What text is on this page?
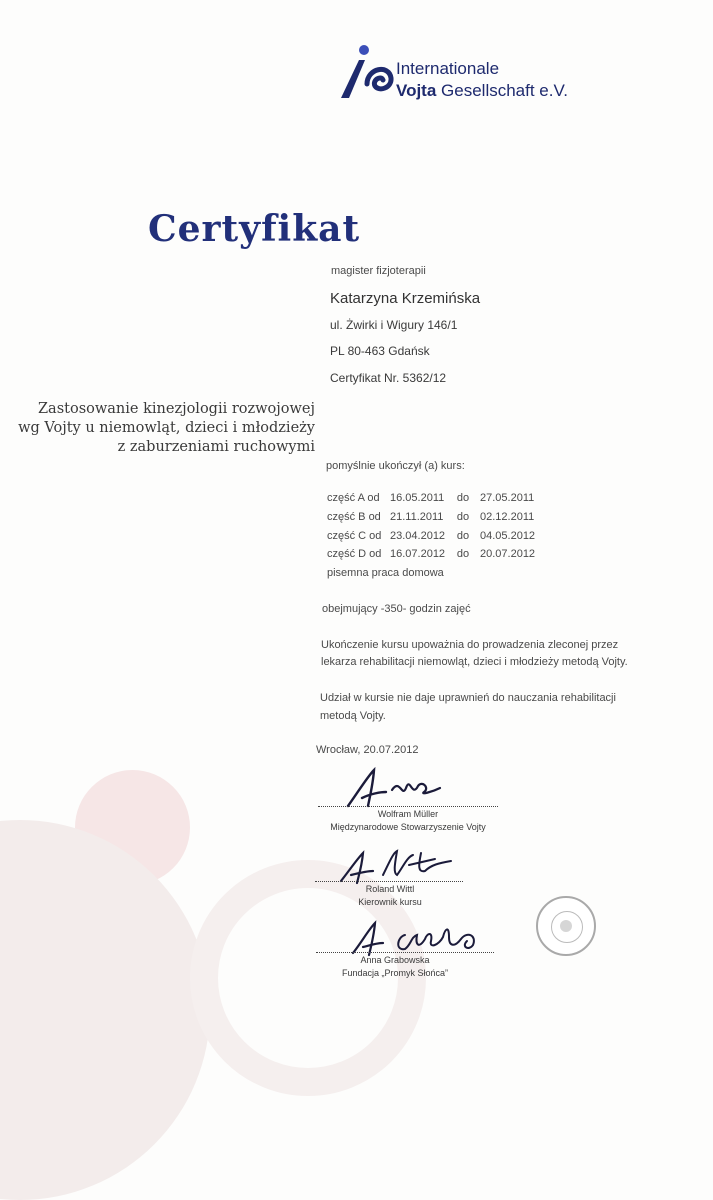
Internationale
Vojta Gesellschaft e.V.
Certyfikat
magister fizjoterapii
Katarzyna Krzemińska
ul. Żwirki i Wigury 146/1
PL 80-463 Gdańsk
Certyfikat Nr. 5362/12
Zastosowanie kinezjologii rozwojowej
wg Vojty u niemowląt, dzieci i młodzieży
z zaburzeniami ruchowymi
pomyślnie ukończył (a) kurs:
część A od 16.05.2011 do 27.05.2011
część B od 21.11.2011 do 02.12.2011
część C od 23.04.2012 do 04.05.2012
część D od 16.07.2012 do 20.07.2012
pisemna praca domowa
obejmujący -350- godzin zajęć
Ukończenie kursu upoważnia do prowadzenia zleconej przez
lekarza rehabilitacji niemowląt, dzieci i młodzieży metodą Vojty.
Udział w kursie nie daje uprawnień do nauczania rehabilitacji
metodą Vojty.
Wrocław, 20.07.2012
Wolfram Müller
Międzynarodowe Stowarzyszenie Vojty
Roland Wittl
Kierownik kursu
Anna Grabowska
Fundacja „Promyk Słońca”
